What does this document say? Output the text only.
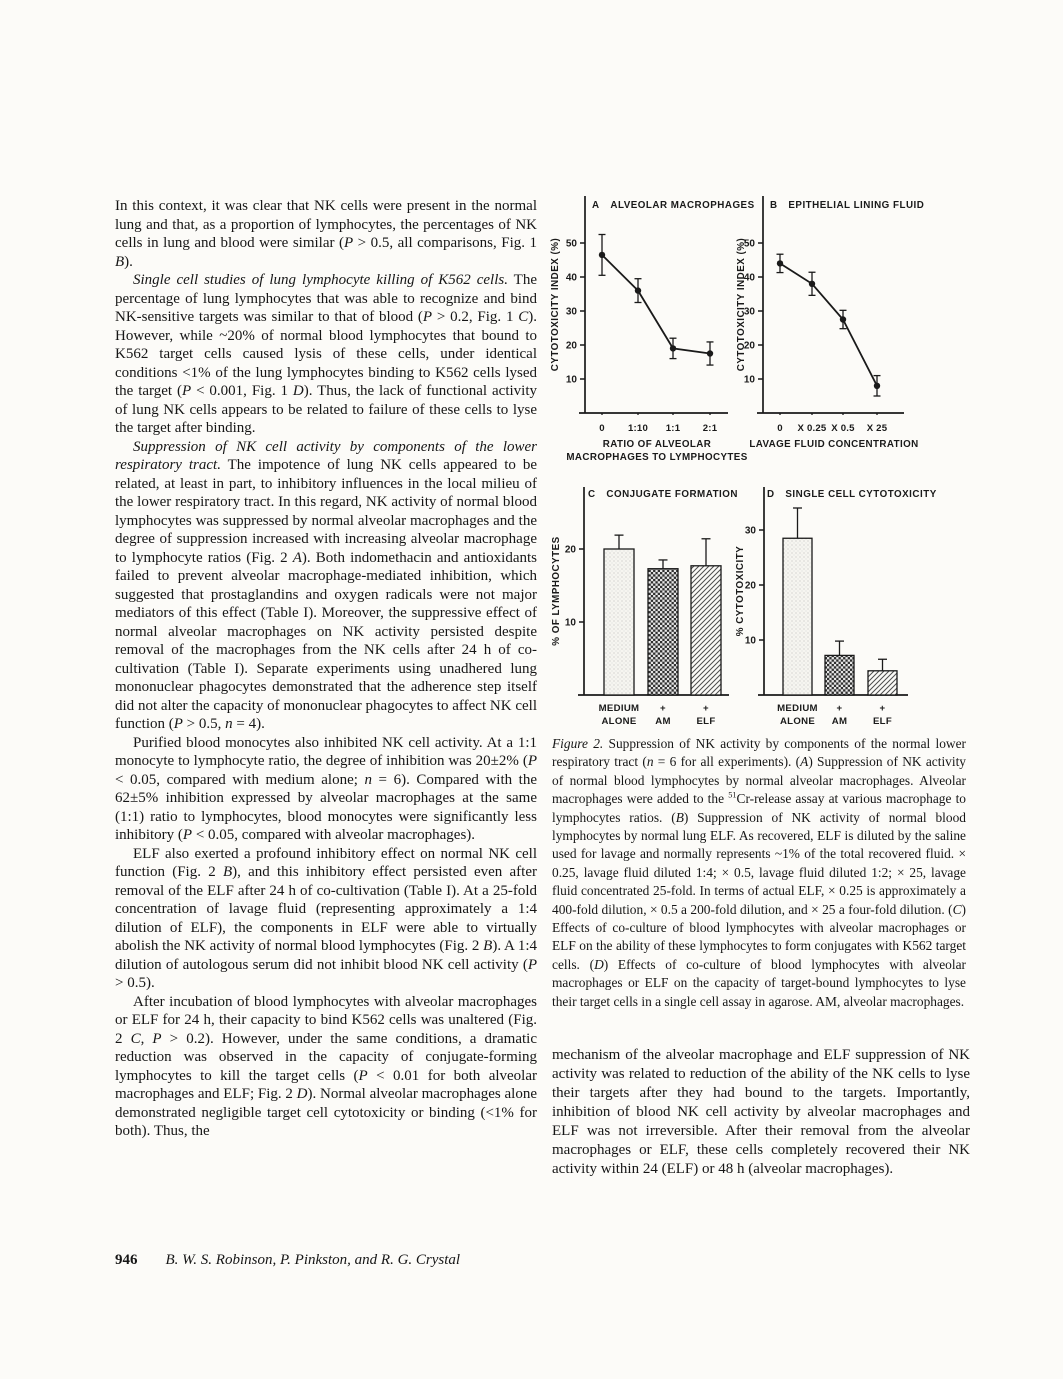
In this context, it was clear that NK cells were present in the normal lung and that, as a proportion of lymphocytes, the percentages of NK cells in lung and blood were similar (P > 0.5, all comparisons, Fig. 1 B).

Single cell studies of lung lymphocyte killing of K562 cells. The percentage of lung lymphocytes that was able to recognize and bind NK-sensitive targets was similar to that of blood (P > 0.2, Fig. 1 C). However, while ~20% of normal blood lymphocytes that bound to K562 target cells caused lysis of these cells, under identical conditions <1% of the lung lymphocytes binding to K562 cells lysed the target (P < 0.001, Fig. 1 D). Thus, the lack of functional activity of lung NK cells appears to be related to failure of these cells to lyse the target after binding.

Suppression of NK cell activity by components of the lower respiratory tract. The impotence of lung NK cells appeared to be related, at least in part, to inhibitory influences in the local milieu of the lower respiratory tract. In this regard, NK activity of normal blood lymphocytes was suppressed by normal alveolar macrophages and the degree of suppression increased with increasing alveolar macrophage to lymphocyte ratios (Fig. 2 A). Both indomethacin and antioxidants failed to prevent alveolar macrophage-mediated inhibition, which suggested that prostaglandins and oxygen radicals were not major mediators of this effect (Table I). Moreover, the suppressive effect of normal alveolar macrophages on NK activity persisted despite removal of the macrophages from the NK cells after 24 h of co-cultivation (Table I). Separate experiments using unadhered lung mononuclear phagocytes demonstrated that the adherence step itself did not alter the capacity of mononuclear phagocytes to affect NK cell function (P > 0.5, n = 4).

Purified blood monocytes also inhibited NK cell activity. At a 1:1 monocyte to lymphocyte ratio, the degree of inhibition was 20±2% (P < 0.05, compared with medium alone; n = 6). Compared with the 62±5% inhibition expressed by alveolar macrophages at the same (1:1) ratio to lymphocytes, blood monocytes were significantly less inhibitory (P < 0.05, compared with alveolar macrophages).

ELF also exerted a profound inhibitory effect on normal NK cell function (Fig. 2 B), and this inhibitory effect persisted even after removal of the ELF after 24 h of co-cultivation (Table I). At a 25-fold concentration of lavage fluid (representing approximately a 1:4 dilution of ELF), the components in ELF were able to virtually abolish the NK activity of normal blood lymphocytes (Fig. 2 B). A 1:4 dilution of autologous serum did not inhibit blood NK cell activity (P > 0.5).

After incubation of blood lymphocytes with alveolar macrophages or ELF for 24 h, their capacity to bind K562 cells was unaltered (Fig. 2 C, P > 0.2). However, under the same conditions, a dramatic reduction was observed in the capacity of conjugate-forming lymphocytes to kill the target cells (P < 0.01 for both alveolar macrophages and ELF; Fig. 2 D). Normal alveolar macrophages alone demonstrated negligible target cell cytotoxicity or binding (<1% for both). Thus, the

10
20
30
40
50
A  ALVEOLAR MACROPHAGES
CYTOTOXICITY INDEX (%)
0 1:10 1:1 2:1
RATIO OF ALVEOLAR
MACROPHAGES TO LYMPHOCYTES
10
20
30
40
50
B  EPITHELIAL LINING FLUID
CYTOTOXICITY INDEX (%)
0 X 0.25 X 0.5 X 25
LAVAGE FLUID CONCENTRATION
10
20
C  CONJUGATE FORMATION
% OF LYMPHOCYTES
MEDIUM
ALONE
+
AM
+
ELF
10
20
30
D  SINGLE CELL CYTOTOXICITY
% CYTOTOXICITY
MEDIUM
ALONE
+
AM
+
ELF
Figure 2. Suppression of NK activity by components of the normal lower respiratory tract (n = 6 for all experiments). (A) Suppression of NK activity of normal blood lymphocytes by normal alveolar macrophages. Alveolar macrophages were added to the $^{51}$Cr-release assay at various macrophage to lymphocytes ratios. (B) Suppression of NK activity of normal blood lymphocytes by normal lung ELF. As recovered, ELF is diluted by the saline used for lavage and normally represents ~1% of the total recovered fluid. × 0.25, lavage fluid diluted 1:4; × 0.5, lavage fluid diluted 1:2; × 25, lavage fluid concentrated 25-fold. In terms of actual ELF, × 0.25 is approximately a 400-fold dilution, × 0.5 a 200-fold dilution, and × 25 a four-fold dilution. (C) Effects of co-culture of blood lymphocytes with alveolar macrophages or ELF on the ability of these lymphocytes to form conjugates with K562 target cells. (D) Effects of co-culture of blood lymphocytes with alveolar macrophages or ELF on the capacity of target-bound lymphocytes to lyse their target cells in a single cell assay in agarose. AM, alveolar macrophages.

mechanism of the alveolar macrophage and ELF suppression of NK activity was related to reduction of the ability of the NK cells to lyse their targets after they had bound to the targets. Importantly, inhibition of blood NK cell activity by alveolar macrophages and ELF was not irreversible. After their removal from the alveolar macrophages or ELF, these cells completely recovered their NK activity within 24 (ELF) or 48 h (alveolar macrophages).

946 B. W. S. Robinson, P. Pinkston, and R. G. Crystal
